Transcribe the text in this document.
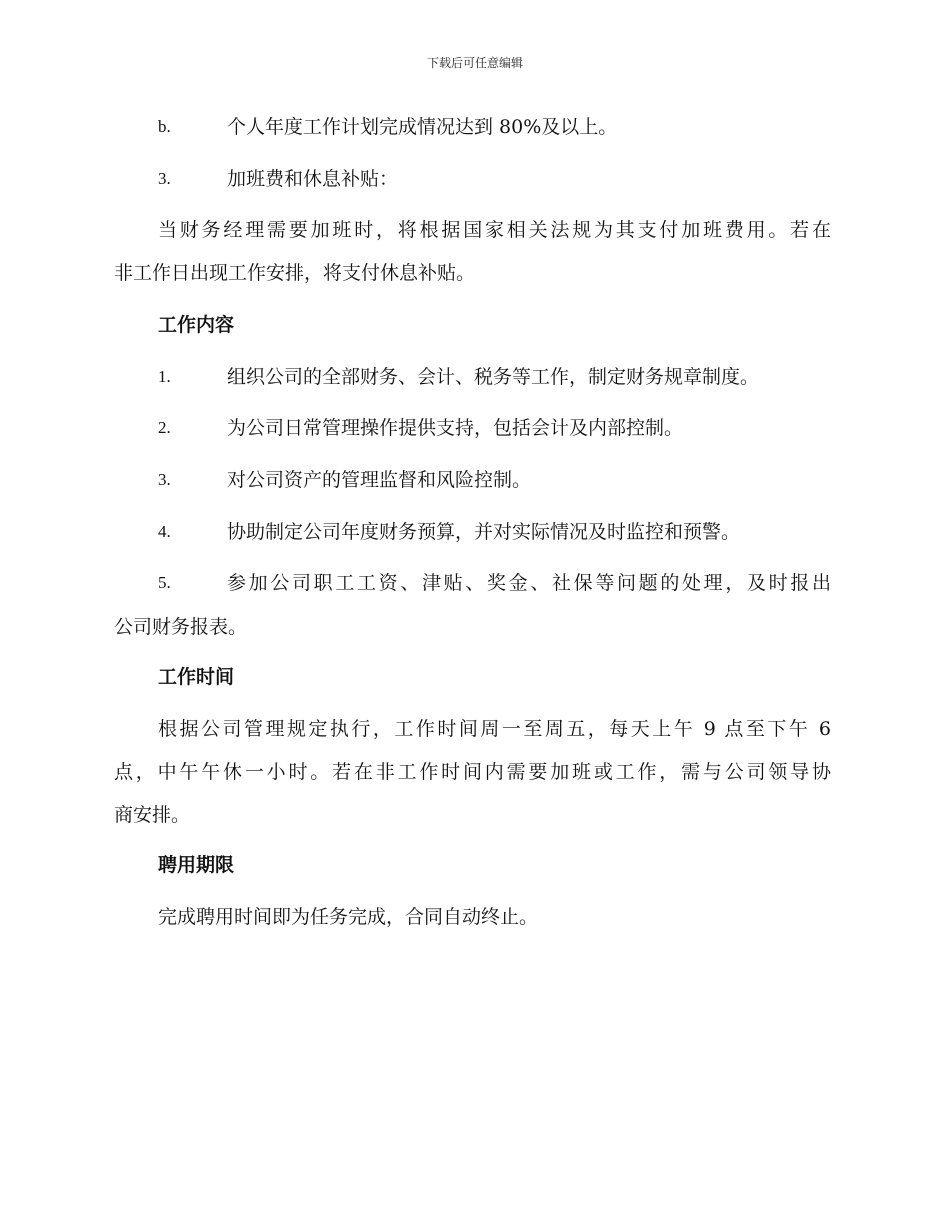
下载后可任意编辑
b.	个人年度工作计划完成情况达到 80%及以上。
3.	加班费和休息补贴：
当财务经理需要加班时，将根据国家相关法规为其支付加班费用。若在
非工作日出现工作安排，将支付休息补贴。
工作内容
1.	组织公司的全部财务、会计、税务等工作，制定财务规章制度。
2.	为公司日常管理操作提供支持，包括会计及内部控制。
3.	对公司资产的管理监督和风险控制。
4.	协助制定公司年度财务预算，并对实际情况及时监控和预警。
5.	参加公司职工工资、津贴、奖金、社保等问题的处理，及时报出
公司财务报表。
工作时间
根据公司管理规定执行，工作时间周一至周五，每天上午 9 点至下午 6
点，中午午休一小时。若在非工作时间内需要加班或工作，需与公司领导协
商安排。
聘用期限
完成聘用时间即为任务完成，合同自动终止。
